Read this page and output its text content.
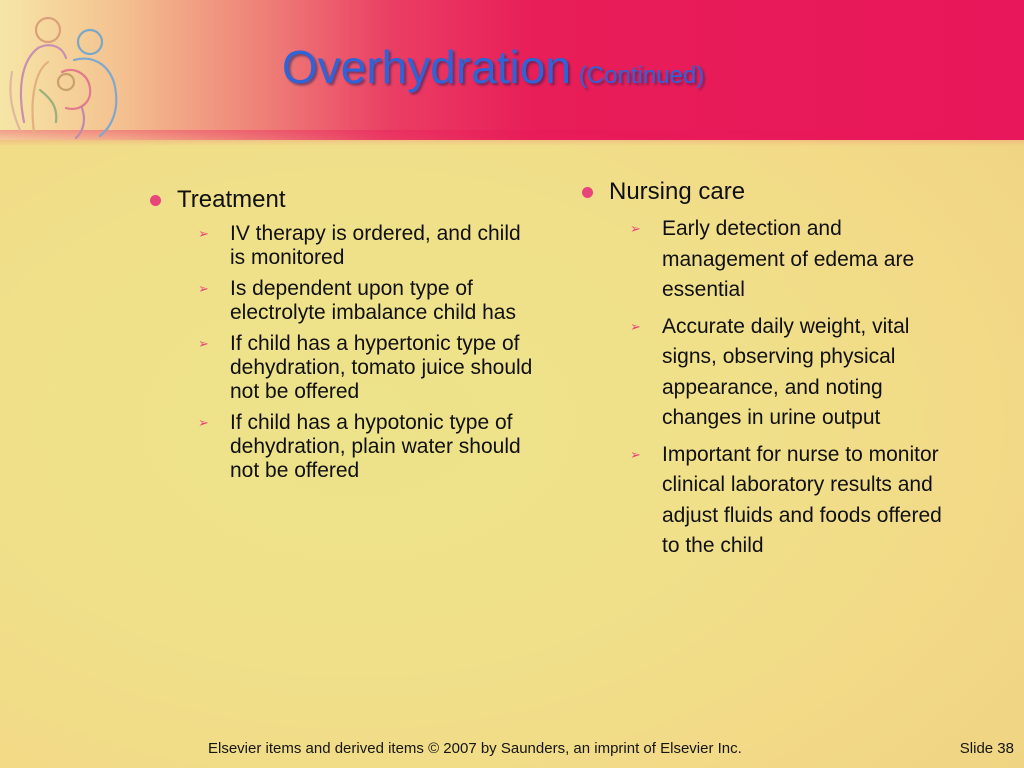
Overhydration (Continued)
Treatment
➢	IV therapy is ordered, and child is monitored
➢	Is dependent upon type of electrolyte imbalance child has
➢	If child has a hypertonic type of dehydration, tomato juice should not be offered
➢	If child has a hypotonic type of dehydration, plain water should not be offered
Nursing care
➢	Early detection and management of edema are essential
➢	Accurate daily weight, vital signs, observing physical appearance, and noting changes in urine output
➢	Important for nurse to monitor clinical laboratory results and adjust fluids and foods offered to the child
Elsevier items and derived items © 2007 by Saunders, an imprint of Elsevier Inc.	Slide 38
